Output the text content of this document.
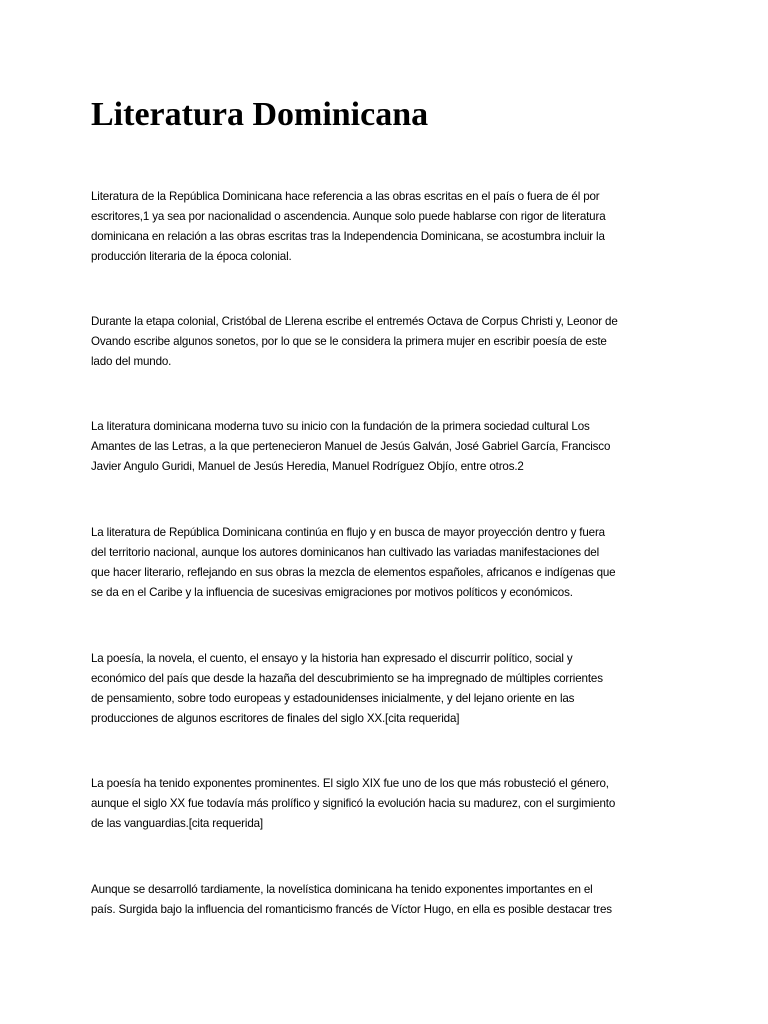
Literatura Dominicana

Literatura de la República Dominicana hace referencia a las obras escritas en el país o fuera de él por
escritores,1 ya sea por nacionalidad o ascendencia. Aunque solo puede hablarse con rigor de literatura
dominicana en relación a las obras escritas tras la Independencia Dominicana, se acostumbra incluir la
producción literaria de la época colonial.

Durante la etapa colonial, Cristóbal de Llerena escribe el entremés Octava de Corpus Christi y, Leonor de
Ovando escribe algunos sonetos, por lo que se le considera la primera mujer en escribir poesía de este
lado del mundo.

La literatura dominicana moderna tuvo su inicio con la fundación de la primera sociedad cultural Los
Amantes de las Letras, a la que pertenecieron Manuel de Jesús Galván, José Gabriel García, Francisco
Javier Angulo Guridi, Manuel de Jesús Heredia, Manuel Rodríguez Objío, entre otros.2

La literatura de República Dominicana continúa en flujo y en busca de mayor proyección dentro y fuera
del territorio nacional, aunque los autores dominicanos han cultivado las variadas manifestaciones del
que hacer literario, reflejando en sus obras la mezcla de elementos españoles, africanos e indígenas que
se da en el Caribe y la influencia de sucesivas emigraciones por motivos políticos y económicos.

La poesía, la novela, el cuento, el ensayo y la historia han expresado el discurrir político, social y
económico del país que desde la hazaña del descubrimiento se ha impregnado de múltiples corrientes
de pensamiento, sobre todo europeas y estadounidenses inicialmente, y del lejano oriente en las
producciones de algunos escritores de finales del siglo XX.[cita requerida]

La poesía ha tenido exponentes prominentes. El siglo XIX fue uno de los que más robusteció el género,
aunque el siglo XX fue todavía más prolífico y significó la evolución hacia su madurez, con el surgimiento
de las vanguardias.[cita requerida]

Aunque se desarrolló tardiamente, la novelística dominicana ha tenido exponentes importantes en el
país. Surgida bajo la influencia del romanticismo francés de Víctor Hugo, en ella es posible destacar tres
